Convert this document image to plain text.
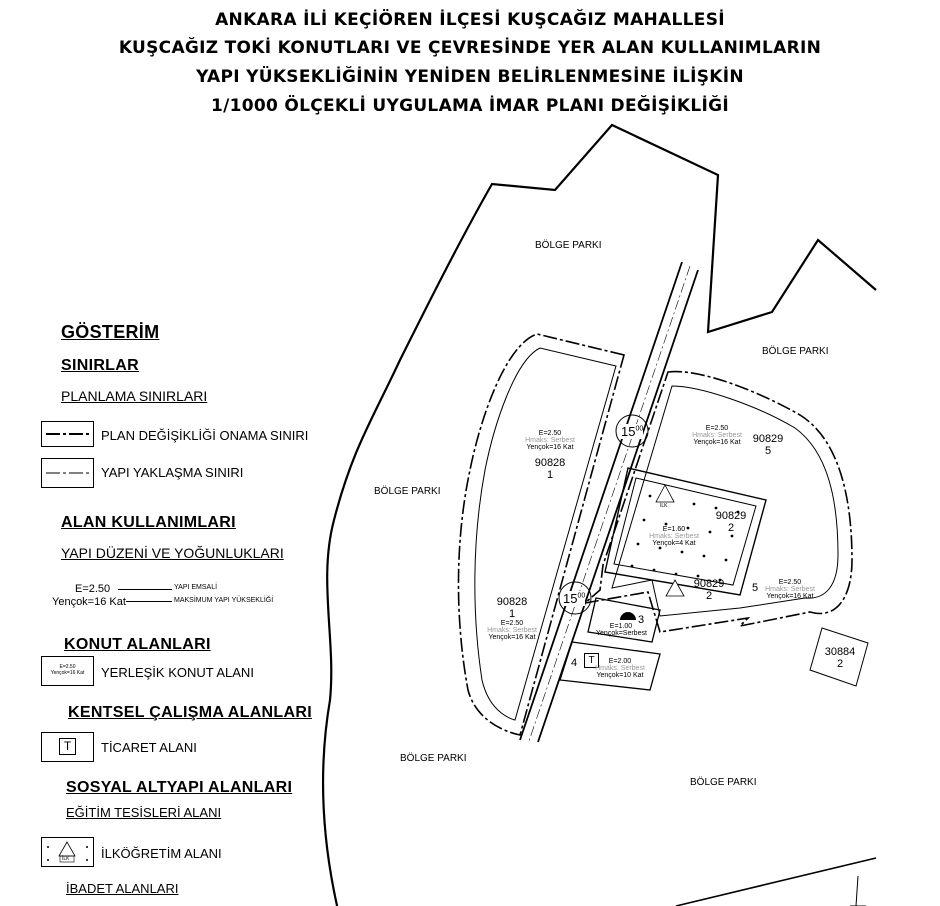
ANKARA İLİ KEÇİÖREN İLÇESİ KUŞCAĞIZ MAHALLESİ
KUŞCAĞIZ TOKİ KONUTLARI VE ÇEVRESİNDE YER ALAN KULLANIMLARIN
YAPI YÜKSEKLİĞİNİN YENİDEN BELİRLENMESİNE İLİŞKİN
1/1000 ÖLÇEKLİ UYGULAMA İMAR PLANI DEĞİŞİKLİĞİ
BÖLGE PARKI
BÖLGE PARKI
BÖLGE PARKI
BÖLGE PARKI
BÖLGE PARKI
$15^{00}$
$15^{00}$
E=2.50
Hmaks: Serbest
Yençok=16 Kat
90828
1
90828
1
E=2.50
Hmaks: Serbest
Yençok=16 Kat
E=2.50
Hmaks: Serbest
Yençok=16 Kat	90829
5
E=1.60
Hmaks: Serbest
Yençok=4 Kat
90829
2
İLK
90829
2
5	E=2.50
Hmaks: Serbest
Yençok=16 Kat
3
E=1.00
Yençok=Serbest
4	T	E=2.00
Hmaks: Serbest
Yençok=10 Kat
30884
2
GÖSTERİM
SINIRLAR
PLANLAMA SINIRLARI
PLAN DEĞİŞİKLİĞİ ONAMA SINIRI
YAPI YAKLAŞMA SINIRI
ALAN KULLANIMLARI
YAPI DÜZENİ VE YOĞUNLUKLARI
E=2.50	YAPI EMSALİ
Yençok=16 Kat	MAKSİMUM YAPI YÜKSEKLİĞİ
KONUT ALANLARI
E=2.50
Yençok=16 Kat	YERLEŞİK KONUT ALANI
KENTSEL ÇALIŞMA ALANLARI
T	TİCARET ALANI
SOSYAL ALTYAPI ALANLARI
EĞİTİM TESİSLERİ ALANI
İLK İLKÖĞRETİM ALANI
İBADET ALANLARI
